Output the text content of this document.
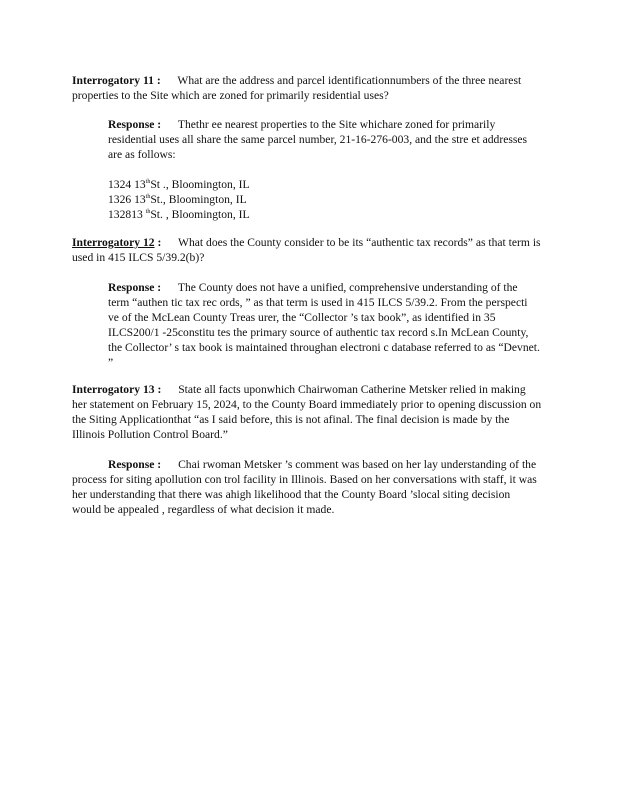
Interrogatory 11 : What are the address and parcel identificationnumbers of the three nearest properties to the Site which are zoned for primarily residential uses?

Response : Thethr ee nearest properties to the Site whichare zoned for primarily residential uses all share the same parcel number, 21-16-276-003, and the stre et addresses are as follows:

1324 13thSt ., Bloomington, IL
1326 13thSt., Bloomington, IL
132813 $^{th}$St. , Bloomington, IL

Interrogatory 12 : What does the County consider to be its “authentic tax records” as that term is used in 415 ILCS 5/39.2(b)?

Response : The County does not have a unified, comprehensive understanding of the term “authen tic tax rec ords, ” as that term is used in 415 ILCS 5/39.2. From the perspecti ve of the McLean County Treas urer, the “Collector ’s tax book”, as identified in 35 ILCS200/1 -25constitu tes the primary source of authentic tax record s.In McLean County, the Collector’ s tax book is maintained throughan electroni c database referred to as “Devnet. ”

Interrogatory 13 : State all facts uponwhich Chairwoman Catherine Metsker relied in making her statement on February 15, 2024, to the County Board immediately prior to opening discussion on the Siting Applicationthat “as I said before, this is not afinal. The final decision is made by the Illinois Pollution Control Board.”

Response : Chai rwoman Metsker ’s comment was based on her lay understanding of the process for siting apollution con trol facility in Illinois. Based on her conversations with staff, it was her understanding that there was ahigh likelihood that the County Board ’slocal siting decision would be appealed , regardless of what decision it made.
